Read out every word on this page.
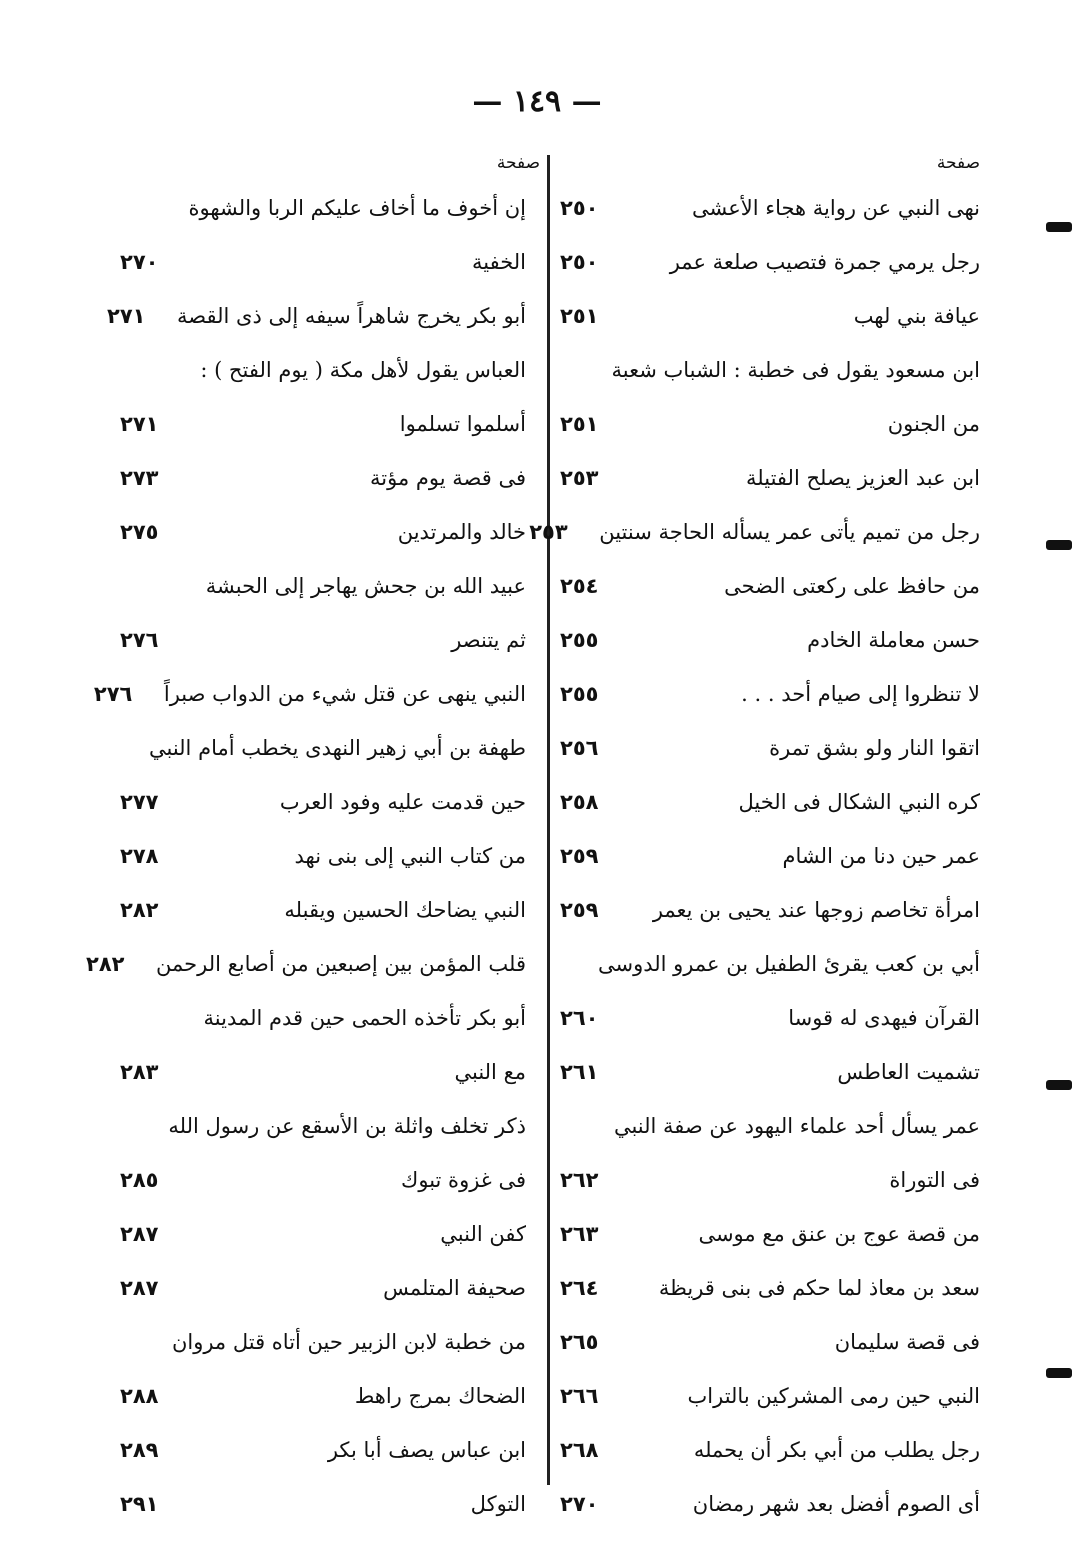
— ١٤٩ —
صفحة
نهى النبي عن رواية هجاء الأعشى
٢٥٠
رجل يرمي جمرة فتصيب صلعة عمر
٢٥٠
عيافة بني لهب
٢٥١
ابن مسعود يقول فى خطبة : الشباب شعبة
من الجنون
٢٥١
ابن عبد العزيز يصلح الفتيلة
٢٥٣
رجل من تميم يأتى عمر يسأله الحاجة سنتين
٢٥٣
من حافظ على ركعتى الضحى
٢٥٤
حسن معاملة الخادم
٢٥٥
لا تنظروا إلى صيام أحد . . .
٢٥٥
اتقوا النار ولو بشق تمرة
٢٥٦
كره النبي الشكال فى الخيل
٢٥٨
عمر حين دنا من الشام
٢٥٩
امرأة تخاصم زوجها عند يحيى بن يعمر
٢٥٩
أبي بن كعب يقرئ الطفيل بن عمرو الدوسى
القرآن فيهدى له قوسا
٢٦٠
تشميت العاطس
٢٦١
عمر يسأل أحد علماء اليهود عن صفة النبي
فى التوراة
٢٦٢
من قصة عوج بن عنق مع موسى
٢٦٣
سعد بن معاذ لما حكم فى بنى قريظة
٢٦٤
فى قصة سليمان
٢٦٥
النبي حين رمى المشركين بالتراب
٢٦٦
رجل يطلب من أبي بكر أن يحمله
٢٦٨
أى الصوم أفضل بعد شهر رمضان
٢٧٠
صفحة
إن أخوف ما أخاف عليكم الربا والشهوة
الخفية
٢٧٠
أبو بكر يخرج شاهراً سيفه إلى ذى القصة
٢٧١
العباس يقول لأهل مكة ( يوم الفتح ) :
أسلموا تسلموا
٢٧١
فى قصة يوم مؤتة
٢٧٣
خالد والمرتدين
٢٧٥
عبيد الله بن جحش يهاجر إلى الحبشة
ثم يتنصر
٢٧٦
النبي ينهى عن قتل شيء من الدواب صبراً
٢٧٦
طهفة بن أبي زهير النهدى يخطب أمام النبي
حين قدمت عليه وفود العرب
٢٧٧
من كتاب النبي إلى بنى نهد
٢٧٨
النبي يضاحك الحسين ويقبله
٢٨٢
قلب المؤمن بين إصبعين من أصابع الرحمن
٢٨٢
أبو بكر تأخذه الحمى حين قدم المدينة
مع النبي
٢٨٣
ذكر تخلف واثلة بن الأسقع عن رسول الله
فى غزوة تبوك
٢٨٥
كفن النبي
٢٨٧
صحيفة المتلمس
٢٨٧
من خطبة لابن الزبير حين أتاه قتل مروان
الضحاك بمرج راهط
٢٨٨
ابن عباس يصف أبا بكر
٢٨٩
التوكل
٢٩١
